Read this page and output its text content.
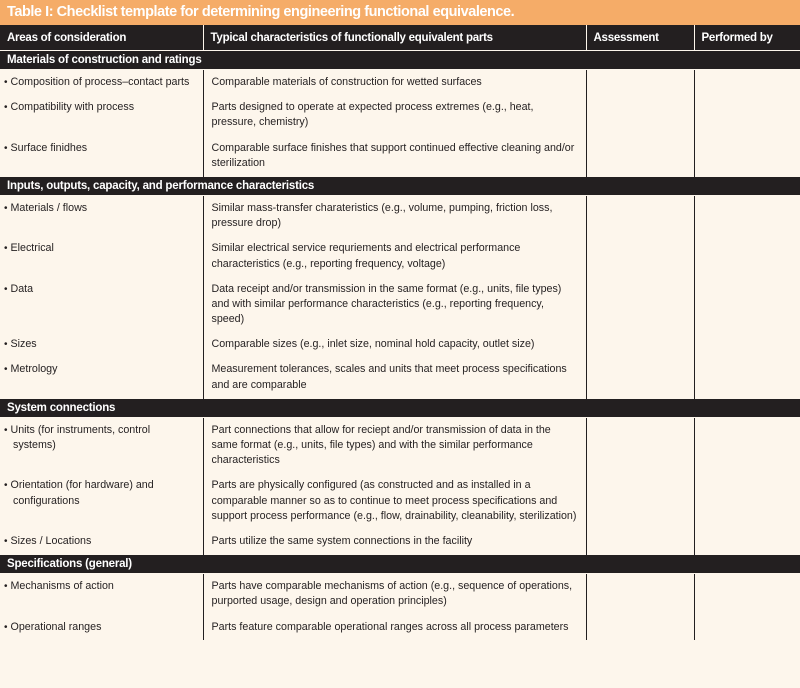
Table I: Checklist template for determining engineering functional equivalence.
Areas of consideration	Typical characteristics of functionally equivalent parts	Assessment	Performed by
Materials of construction and ratings			

• Composition of process–contact parts	Comparable materials of construction for wetted surfaces		

• Compatibility with process	Parts designed to operate at expected process extremes (e.g., heat, pressure, chemistry)		

• Surface finidhes	Comparable surface finishes that support continued effective cleaning and/or sterilization		
Inputs, outputs, capacity, and performance characteristics			

• Materials / flows	Similar mass-transfer charateristics (e.g., volume, pumping, friction loss, pressure drop)		

• Electrical	Similar electrical service requriements and electrical performance characteristics (e.g., reporting frequency, voltage)		

• Data	Data receipt and/or transmission in the same format (e.g., units, file types) and with similar performance characteristics (e.g., reporting frequency, speed)		

• Sizes	Comparable sizes (e.g., inlet size, nominal hold capacity, outlet size)		

• Metrology	Measurement tolerances, scales and units that meet process specifications and are comparable		
System connections			

• Units (for instruments, control systems)	Part connections that allow for reciept and/or transmission of data in the same format (e.g., units, file types) and with the similar performance characteristics		

• Orientation (for hardware) and configurations	Parts are physically configured (as constructed and as installed in a comparable manner so as to continue to meet process specifications and support process performance (e.g., flow, drainability, cleanability, sterilization)		

• Sizes / Locations	Parts utilize the same system connections in the facility		
Specifications (general)			

• Mechanisms of action	Parts have comparable mechanisms of action (e.g., sequence of operations, purported usage, design and operation principles)		

• Operational ranges	Parts feature comparable operational ranges across all process parameters		
